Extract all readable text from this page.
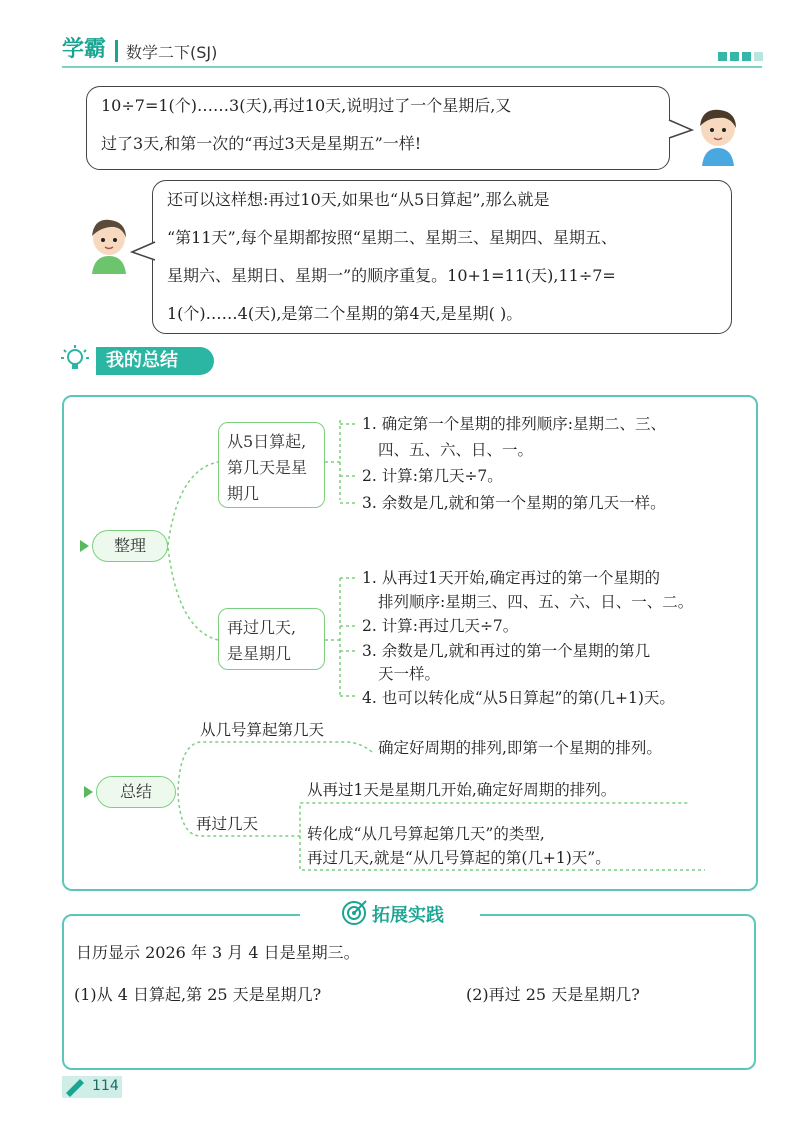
学霸 数学二下(SJ)
10÷7=1(个)……3(天),再过10天,说明过了一个星期后,又
过了3天,和第一次的“再过3天是星期五”一样!
还可以这样想:再过10天,如果也“从5日算起”,那么就是
“第11天”,每个星期都按照“星期二、星期三、星期四、星期五、
星期六、星期日、星期一”的顺序重复。10+1=11(天),11÷7=
1(个)……4(天),是第二个星期的第4天,是星期( )。
我的总结
整理
从5日算起,
第几天是星
期几
1. 确定第一个星期的排列顺序:星期二、三、
四、五、六、日、一。
2. 计算:第几天÷7。
3. 余数是几,就和第一个星期的第几天一样。
再过几天,
是星期几
1. 从再过1天开始,确定再过的第一个星期的
排列顺序:星期三、四、五、六、日、一、二。
2. 计算:再过几天÷7。
3. 余数是几,就和再过的第一个星期的第几
天一样。
4. 也可以转化成“从5日算起”的第(几+1)天。
总结
从几号算起第几天
确定好周期的排列,即第一个星期的排列。
再过几天
从再过1天是星期几开始,确定好周期的排列。
转化成“从几号算起第几天”的类型,
再过几天,就是“从几号算起的第(几+1)天”。
拓展实践
日历显示 2026 年 3 月 4 日是星期三。
(1)从 4 日算起,第 25 天是星期几?	(2)再过 25 天是星期几?
114
